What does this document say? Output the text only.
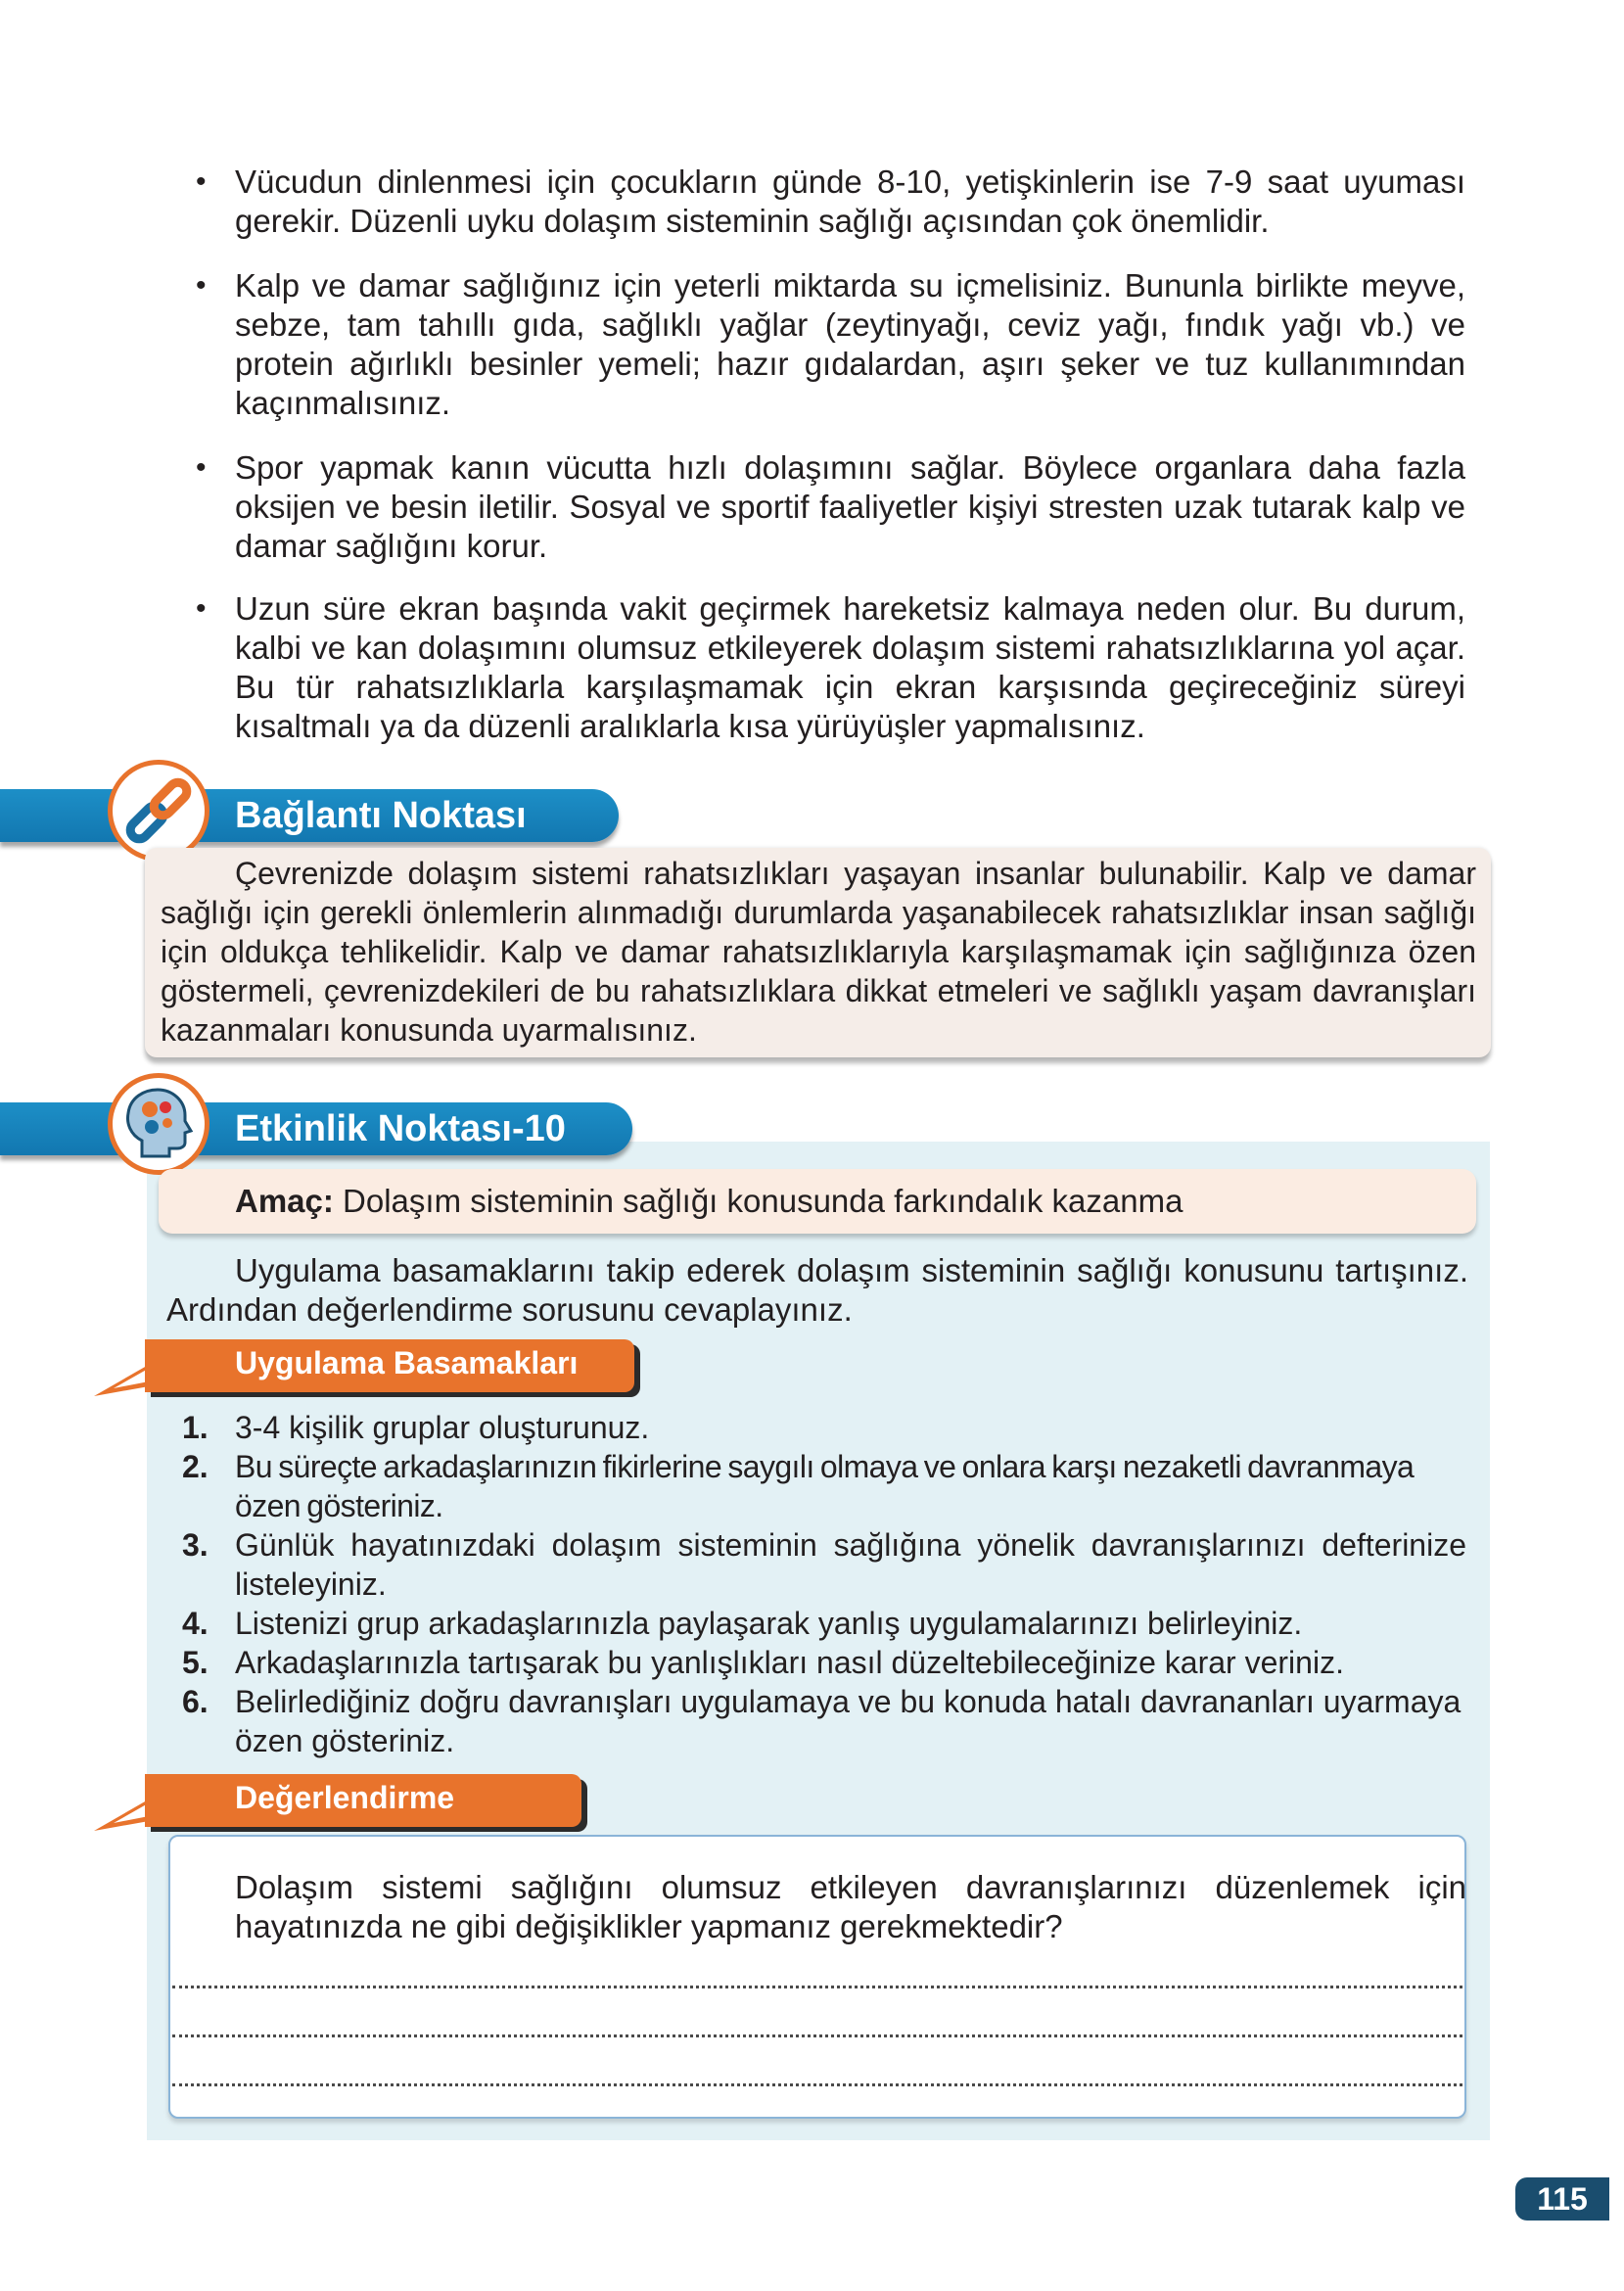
• Vücudun dinlenmesi için çocukların günde 8-10, yetişkinlerin ise 7-9 saat uyuması gerekir. Düzenli uyku dolaşım sisteminin sağlığı açısından çok önemlidir.
• Kalp ve damar sağlığınız için yeterli miktarda su içmelisiniz. Bununla birlikte meyve, sebze, tam tahıllı gıda, sağlıklı yağlar (zeytinyağı, ceviz yağı, fındık yağı vb.) ve protein ağırlıklı besinler yemeli; hazır gıdalardan, aşırı şeker ve tuz kullanımından kaçınmalısınız.
• Spor yapmak kanın vücutta hızlı dolaşımını sağlar. Böylece organlara daha fazla oksijen ve besin iletilir. Sosyal ve sportif faaliyetler kişiyi stresten uzak tutarak kalp ve damar sağlığını korur.
• Uzun süre ekran başında vakit geçirmek hareketsiz kalmaya neden olur. Bu durum, kalbi ve kan dolaşımını olumsuz etkileyerek dolaşım sistemi rahatsızlıklarına yol açar. Bu tür rahatsızlıklarla karşılaşmamak için ekran karşısında geçireceğiniz süreyi kısaltmalı ya da düzenli aralıklarla kısa yürüyüşler yapmalısınız.
Bağlantı Noktası
Çevrenizde dolaşım sistemi rahatsızlıkları yaşayan insanlar bulunabilir. Kalp ve damar sağlığı için gerekli önlemlerin alınmadığı durumlarda yaşanabilecek rahatsızlıklar insan sağlığı için oldukça tehlikelidir. Kalp ve damar rahatsızlıklarıyla karşılaşmamak için sağlığınıza özen göstermeli, çevrenizdekileri de bu rahatsızlıklara dikkat etmeleri ve sağlıklı yaşam davranışları kazanmaları konusunda uyarmalısınız.
Etkinlik Noktası-10
Amaç: Dolaşım sisteminin sağlığı konusunda farkındalık kazanma
Uygulama basamaklarını takip ederek dolaşım sisteminin sağlığı konusunu tartışınız. Ardından değerlendirme sorusunu cevaplayınız.
Uygulama Basamakları
1. 3-4 kişilik gruplar oluşturunuz.
2. Bu süreçte arkadaşlarınızın fikirlerine saygılı olmaya ve onlara karşı nezaketli davranmaya özen gösteriniz.
3. Günlük hayatınızdaki dolaşım sisteminin sağlığına yönelik davranışlarınızı defterinize listeleyiniz.
4. Listenizi grup arkadaşlarınızla paylaşarak yanlış uygulamalarınızı belirleyiniz.
5. Arkadaşlarınızla tartışarak bu yanlışlıkları nasıl düzeltebileceğinize karar veriniz.
6. Belirlediğiniz doğru davranışları uygulamaya ve bu konuda hatalı davrananları uyarmaya özen gösteriniz.
Değerlendirme
Dolaşım sistemi sağlığını olumsuz etkileyen davranışlarınızı düzenlemek için hayatınızda ne gibi değişiklikler yapmanız gerekmektedir?
115
